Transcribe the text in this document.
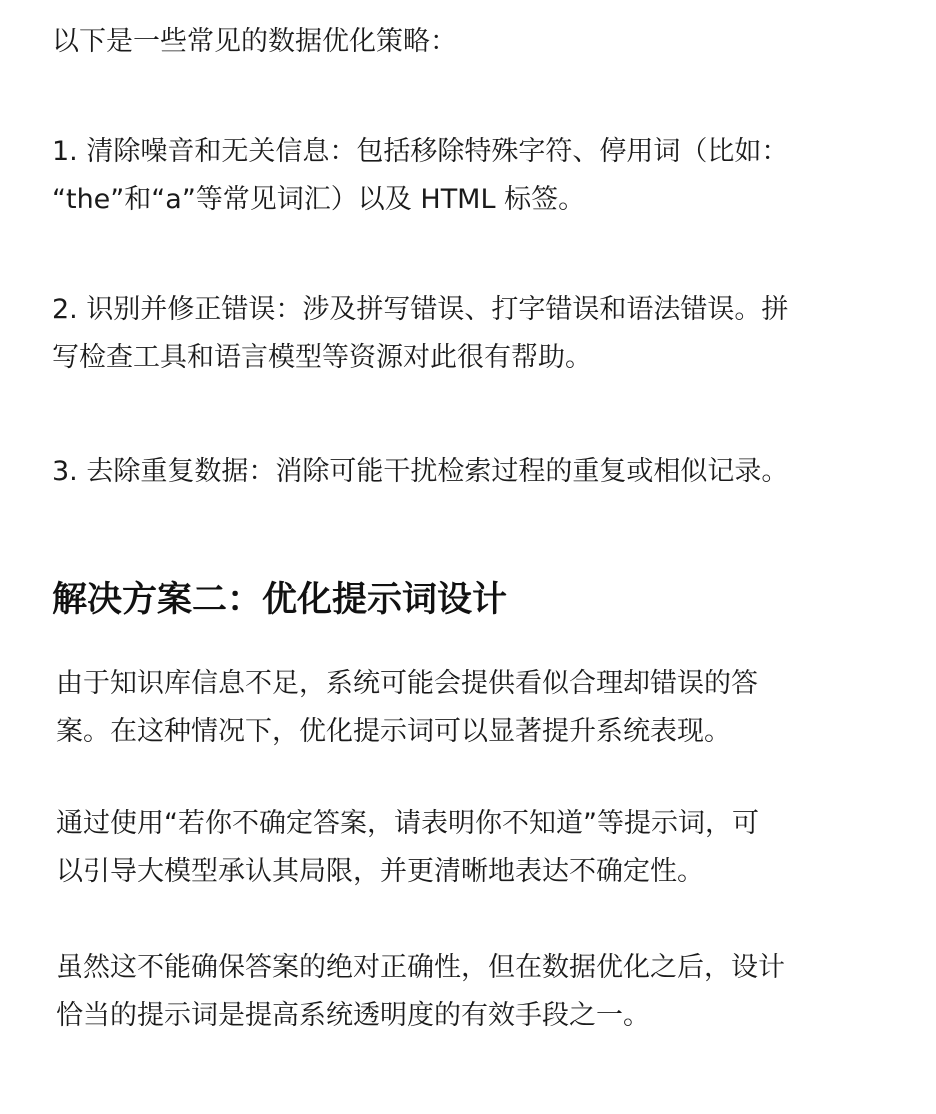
以下是一些常见的数据优化策略：

1. 清除噪音和无关信息：包括移除特殊字符、停用词（比如：
“the”和“a”等常见词汇）以及 HTML 标签。
2. 识别并修正错误：涉及拼写错误、打字错误和语法错误。拼
写检查工具和语言模型等资源对此很有帮助。
3. 去除重复数据：消除可能干扰检索过程的重复或相似记录。
解决方案二：优化提示词设计
由于知识库信息不足，系统可能会提供看似合理却错误的答
案。在这种情况下，优化提示词可以显著提升系统表现。
通过使用“若你不确定答案，请表明你不知道”等提示词，可
以引导大模型承认其局限，并更清晰地表达不确定性。
虽然这不能确保答案的绝对正确性，但在数据优化之后，设计
恰当的提示词是提高系统透明度的有效手段之一。
